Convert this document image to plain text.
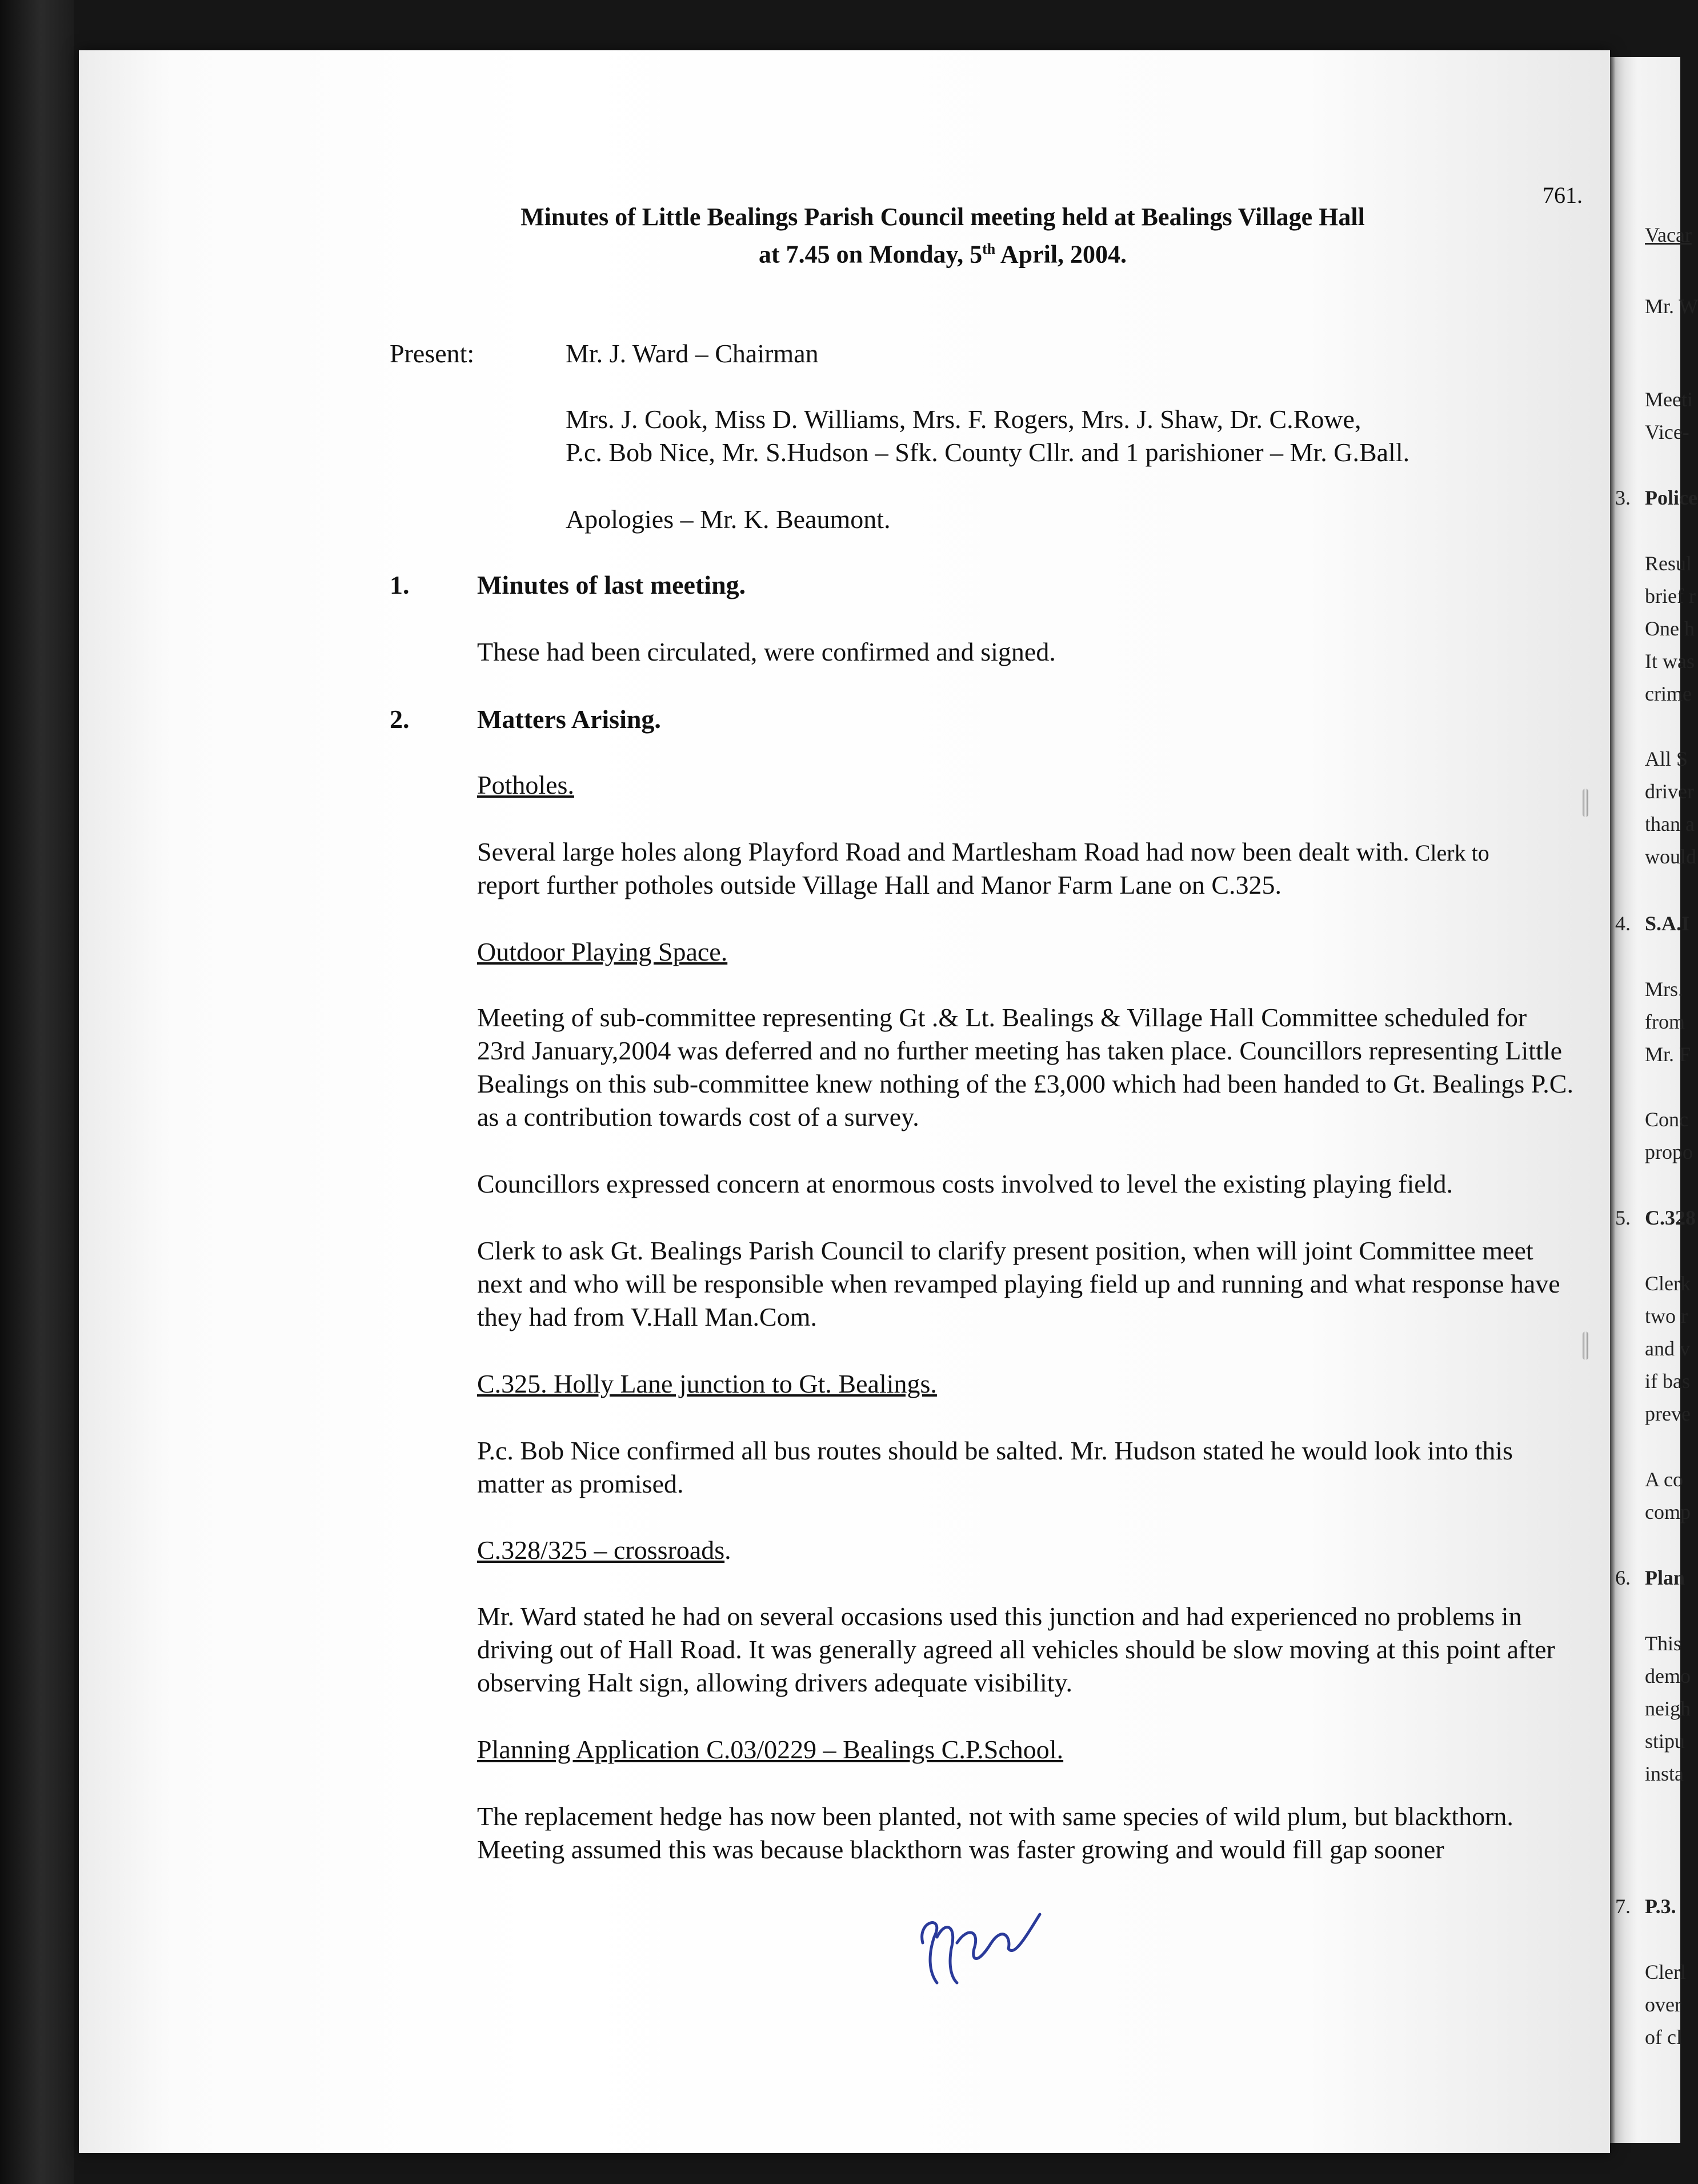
Vacar
Mr. W
Meeti
Vice-
3. Police
Resul
brief r
One h
It was
crime
All S
driver
than a
would
4. S.A.I
Mrs.
from
Mr. F
Conc
propo
5. C.328
Clerk
two r
and v
if bas
preve
A co
comp
6. Plan
This
demo
neigh
stipu
insta
7. P.3.
Clerl
over
of cl
761.
Minutes of Little Bealings Parish Council meeting held at Bealings Village Hall
at 7.45 on Monday, 5th April, 2004.
Present:	Mr. J. Ward – Chairman
Mrs. J. Cook, Miss D. Williams, Mrs. F. Rogers, Mrs. J. Shaw, Dr. C.Rowe,
P.c. Bob Nice, Mr. S.Hudson – Sfk. County Cllr. and 1 parishioner – Mr. G.Ball.
Apologies – Mr. K. Beaumont.
1.	Minutes of last meeting.
These had been circulated, were confirmed and signed.
2.	Matters Arising.
Potholes.
Several large holes along Playford Road and Martlesham Road had now been dealt with. Clerk to
report further potholes outside Village Hall and Manor Farm Lane on C.325.
Outdoor Playing Space.
Meeting of sub-committee representing Gt .& Lt. Bealings & Village Hall Committee scheduled for 23rd January,2004 was deferred and no further meeting has taken place. Councillors representing Little Bealings on this sub-committee knew nothing of the £3,000 which had been handed to Gt. Bealings P.C. as a contribution towards cost of a survey.
Councillors expressed concern at enormous costs involved to level the existing playing field.
Clerk to ask Gt. Bealings Parish Council to clarify present position, when will joint Committee meet next and who will be responsible when revamped playing field up and running and what response have they had from V.Hall Man.Com.
C.325. Holly Lane junction to Gt. Bealings.
P.c. Bob Nice confirmed all bus routes should be salted. Mr. Hudson stated he would look into this matter as promised.
C.328/325 – crossroads.
Mr. Ward stated he had on several occasions used this junction and had experienced no problems in driving out of Hall Road. It was generally agreed all vehicles should be slow moving at this point after observing Halt sign, allowing drivers adequate visibility.
Planning Application C.03/0229 – Bealings C.P.School.
The replacement hedge has now been planted, not with same species of wild plum, but blackthorn. Meeting assumed this was because blackthorn was faster growing and would fill gap sooner
